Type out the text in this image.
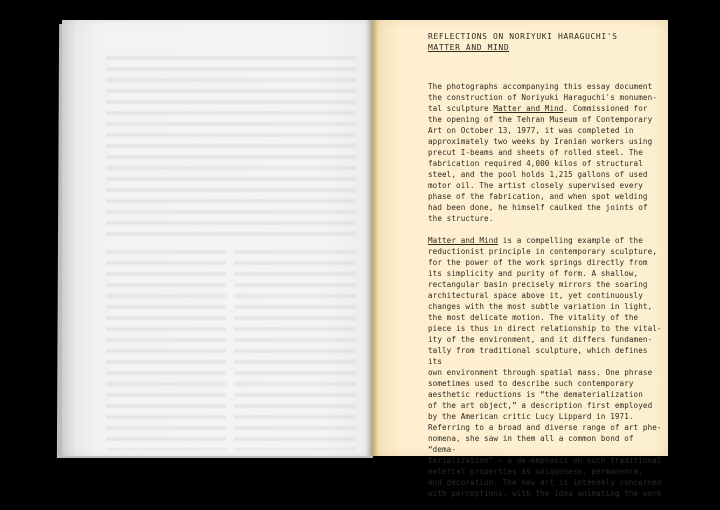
REFLECTIONS ON NORIYUKI HARAGUCHI'S
MATTER AND MIND

The photographs accompanying this essay document
the construction of Noriyuki Haraguchi's monumen-
tal sculpture Matter and Mind. Commissioned for
the opening of the Tehran Museum of Contemporary
Art on October 13, 1977, it was completed in
approximately two weeks by Iranian workers using
precut I-beams and sheets of rolled steel. The
fabrication required 4,000 kilos of structural
steel, and the pool holds 1,215 gallons of used
motor oil. The artist closely supervised every
phase of the fabrication, and when spot welding
had been done, he himself caulked the joints of
the structure.

Matter and Mind is a compelling example of the
reductionist principle in contemporary sculpture,
for the power of the work springs directly from
its simplicity and purity of form. A shallow,
rectangular basin precisely mirrors the soaring
architectural space above it, yet continuously
changes with the most subtle variation in light,
the most delicate motion. The vitality of the
piece is thus in direct relationship to the vital-
ity of the environment, and it differs fundamen-
tally from traditional sculpture, which defines its
own environment through spatial mass. One phrase
sometimes used to describe such contemporary
aesthetic reductions is “the dematerialization
of the art object,” a description first employed
by the American critic Lucy Lippard in 1971.
Referring to a broad and diverse range of art phe-
nomena, she saw in them all a common bond of “dema-
terialization” – a de-emphasis on such traditional
material properties as uniqueness, permanence,
and decoration. The new art is intensely concerned
with perceptions, with the idea animating the work
